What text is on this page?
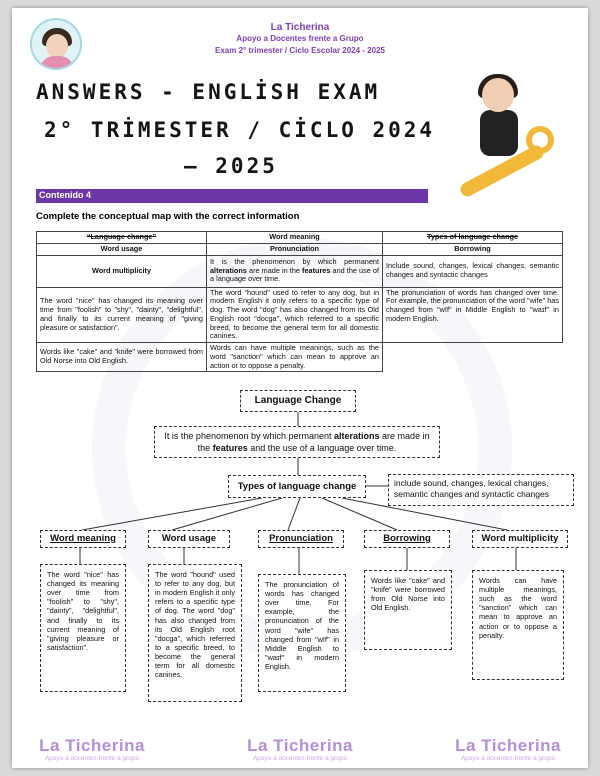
La Ticherina
Apoyo a Docentes frente a Grupo
Exam 2° trimester / Ciclo Escolar 2024 - 2025
ANSWERS - ENGLİSH EXAM
2° TRİMESTER / CİCLO 2024
– 2025
Contenido 4
Complete the conceptual map with the correct information
“Language change”	Word meaning	Types of language change
Word usage	Pronunciation	Borrowing
Word multiplicity	It is the phenomenon by which permanent alterations are made in the features and the use of a language over time.	Include sound, changes, lexical changes, semantic changes and syntactic changes
The word "nice" has changed its meaning over time from "foolish" to "shy", "dainty", "delightful", and finally to its current meaning of "giving pleasure or satisfaction".	The word "hound" used to refer to any dog, but in modern English it only refers to a specific type of dog. The word "dog" has also changed from its Old English root "docga", which referred to a specific breed, to become the general term for all domestic canines.	The pronunciation of words has changed over time. For example, the pronunciation of the word "wife" has changed from "wīf" in Middle English to "waɪf" in modern English.
Words like "cake" and "knife" were borrowed from Old Norse into Old English.	Words can have multiple meanings, such as the word "sanction" which can mean to approve an action or to oppose a penalty.	
Language Change
It is the phenomenon by which permanent alterations are made in the features and the use of a language over time.
Types of language change	include sound, changes, lexical changes, semantic changes and syntactic changes
Word meaning	Word usage	Pronunciation	Borrowing	Word multiplicity
The word "nice" has changed its meaning over time from "foolish" to "shy", "dainty", "delightful", and finally to its current meaning of "giving pleasure or satisfaction".
The word "hound" used to refer to any dog, but in modern English it only refers to a specific type of dog. The word "dog" has also changed from its Old English root "docga", which referred to a specific breed, to become the general term for all domestic canines.
The pronunciation of words has changed over time. For example, the pronunciation of the word "wife" has changed from "wīf" in Middle English to "waɪf" in modern English.
Words like "cake" and "knife" were borrowed from Old Norse into Old English.
Words can have multiple meanings, such as the word "sanction" which can mean to approve an action or to oppose a penalty.
La Ticherina
Apoyo a docentes frente a grupo
La Ticherina
Apoyo a docentes frente a grupo
La Ticherina
Apoyo a docentes frente a grupo
